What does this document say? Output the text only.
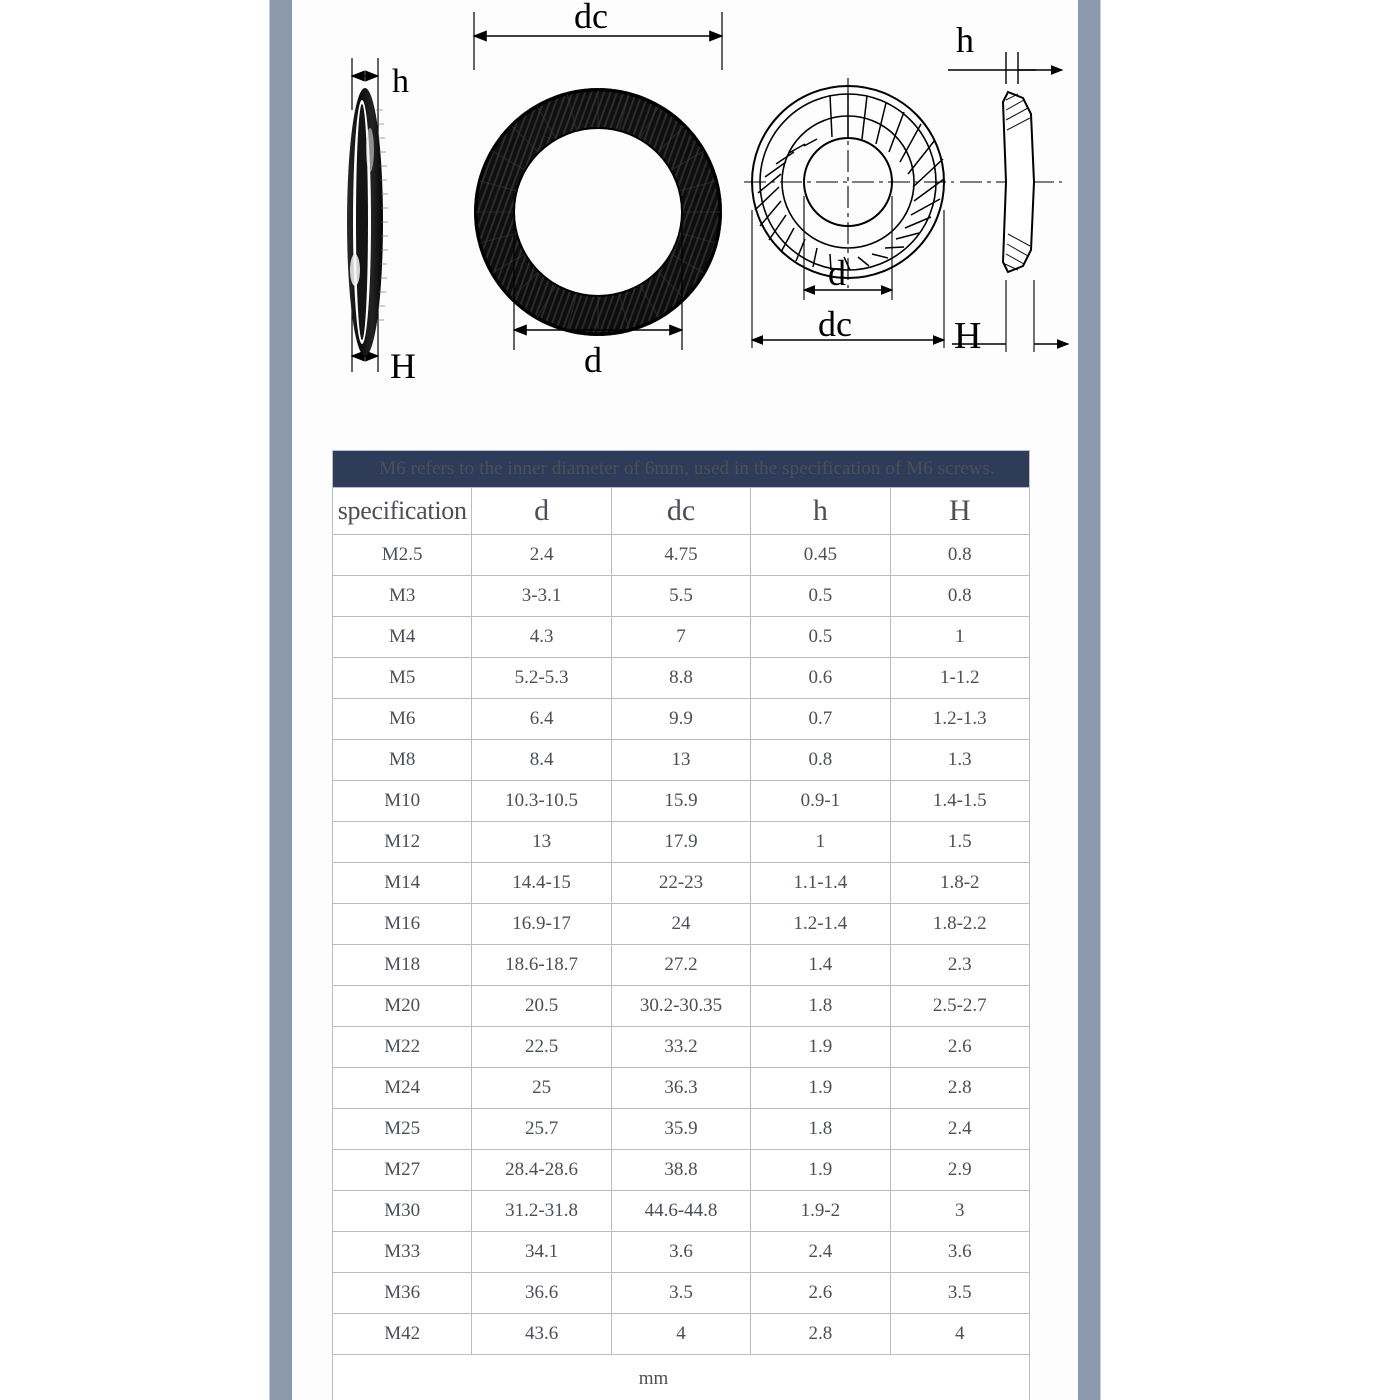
h
H
dc
d
d
dc
h
H
M6 refers to the inner diameter of 6mm, used in the specification of M6 screws.				
specification	d	dc	h	H
M2.5	2.4	4.75	0.45	0.8
M3	3-3.1	5.5	0.5	0.8
M4	4.3	7	0.5	1
M5	5.2-5.3	8.8	0.6	1-1.2
M6	6.4	9.9	0.7	1.2-1.3
M8	8.4	13	0.8	1.3
M10	10.3-10.5	15.9	0.9-1	1.4-1.5
M12	13	17.9	1	1.5
M14	14.4-15	22-23	1.1-1.4	1.8-2
M16	16.9-17	24	1.2-1.4	1.8-2.2
M18	18.6-18.7	27.2	1.4	2.3
M20	20.5	30.2-30.35	1.8	2.5-2.7
M22	22.5	33.2	1.9	2.6
M24	25	36.3	1.9	2.8
M25	25.7	35.9	1.8	2.4
M27	28.4-28.6	38.8	1.9	2.9
M30	31.2-31.8	44.6-44.8	1.9-2	3
M33	34.1	3.6	2.4	3.6
M36	36.6	3.5	2.6	3.5
M42	43.6	4	2.8	4
mm				
